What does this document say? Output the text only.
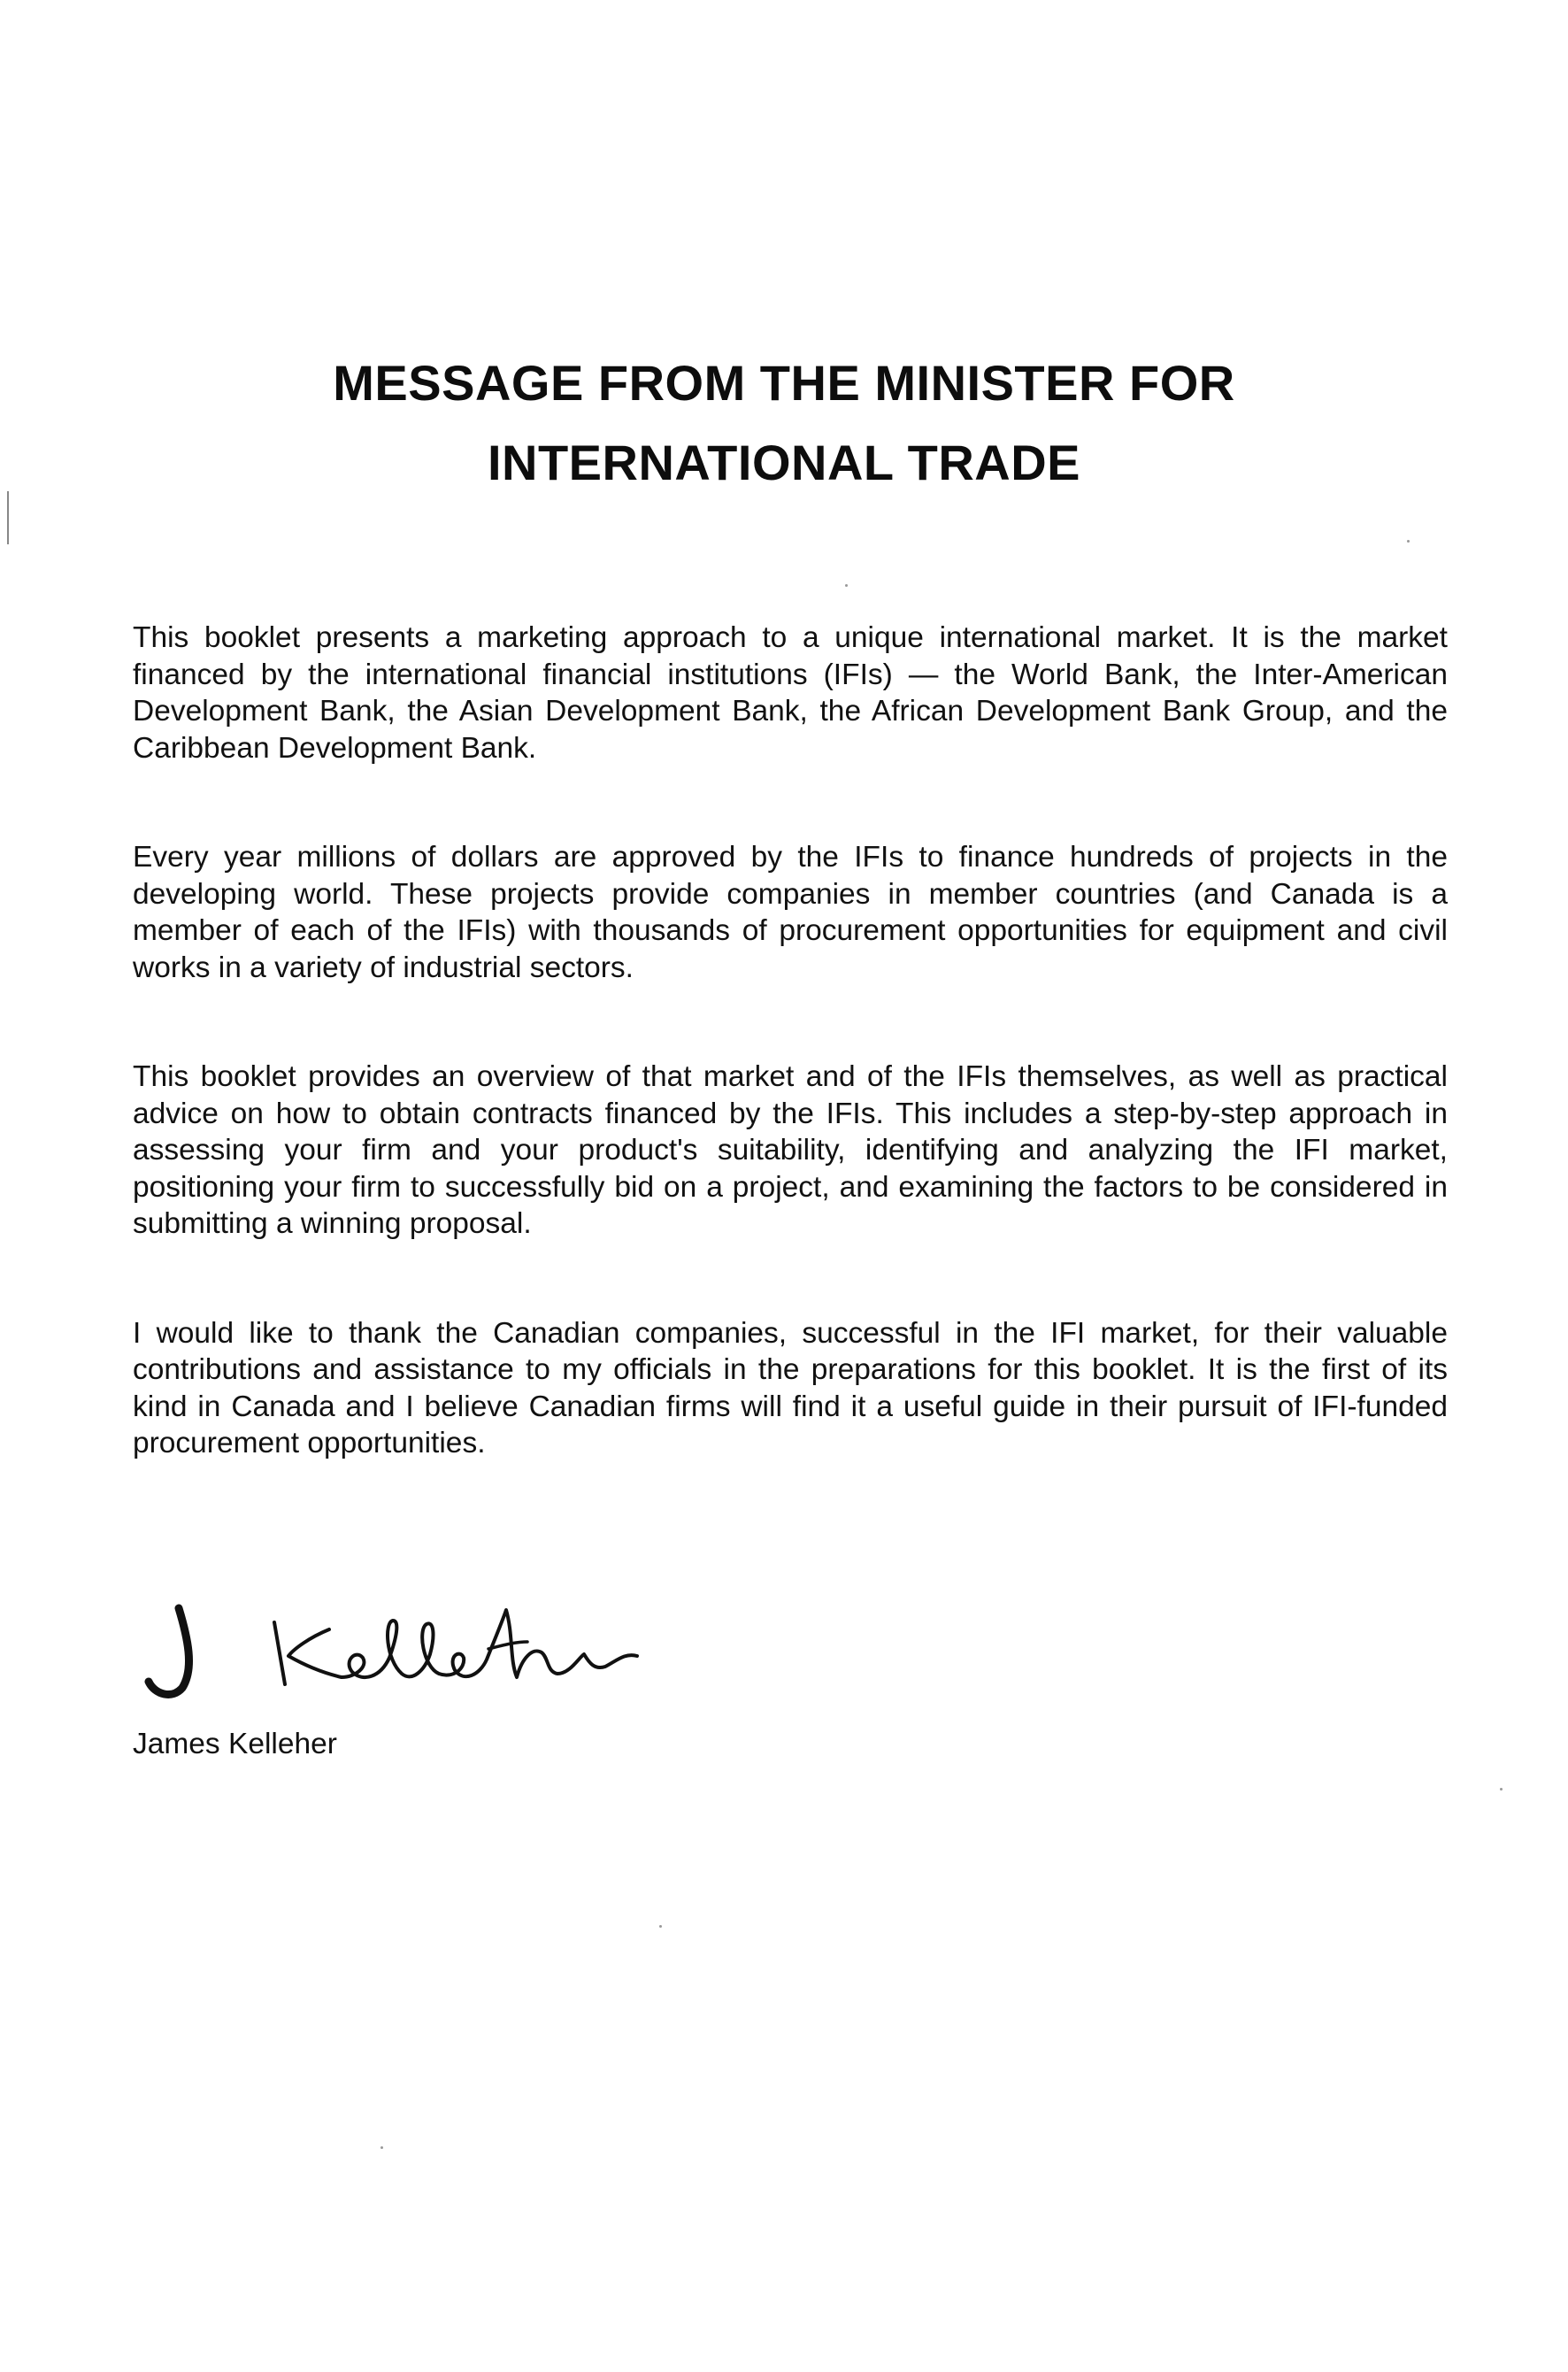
MESSAGE FROM THE MINISTER FOR
INTERNATIONAL TRADE

This booklet presents a marketing approach to a unique international market. It is the market financed by the international financial institutions (IFIs) — the World Bank, the Inter-American Development Bank, the Asian Development Bank, the African Development Bank Group, and the Caribbean Development Bank.

Every year millions of dollars are approved by the IFIs to finance hundreds of projects in the developing world. These projects provide companies in member countries (and Canada is a member of each of the IFIs) with thousands of procurement opportunities for equipment and civil works in a variety of industrial sectors.

This booklet provides an overview of that market and of the IFIs themselves, as well as practical advice on how to obtain contracts financed by the IFIs. This includes a step-by-step approach in assessing your firm and your product's suitability, identifying and analyzing the IFI market, positioning your firm to successfully bid on a project, and examining the factors to be considered in submitting a winning proposal.

I would like to thank the Canadian companies, successful in the IFI market, for their valuable contributions and assistance to my officials in the preparations for this booklet. It is the first of its kind in Canada and I believe Canadian firms will find it a useful guide in their pursuit of IFI-funded procurement opportunities.

James Kelleher
